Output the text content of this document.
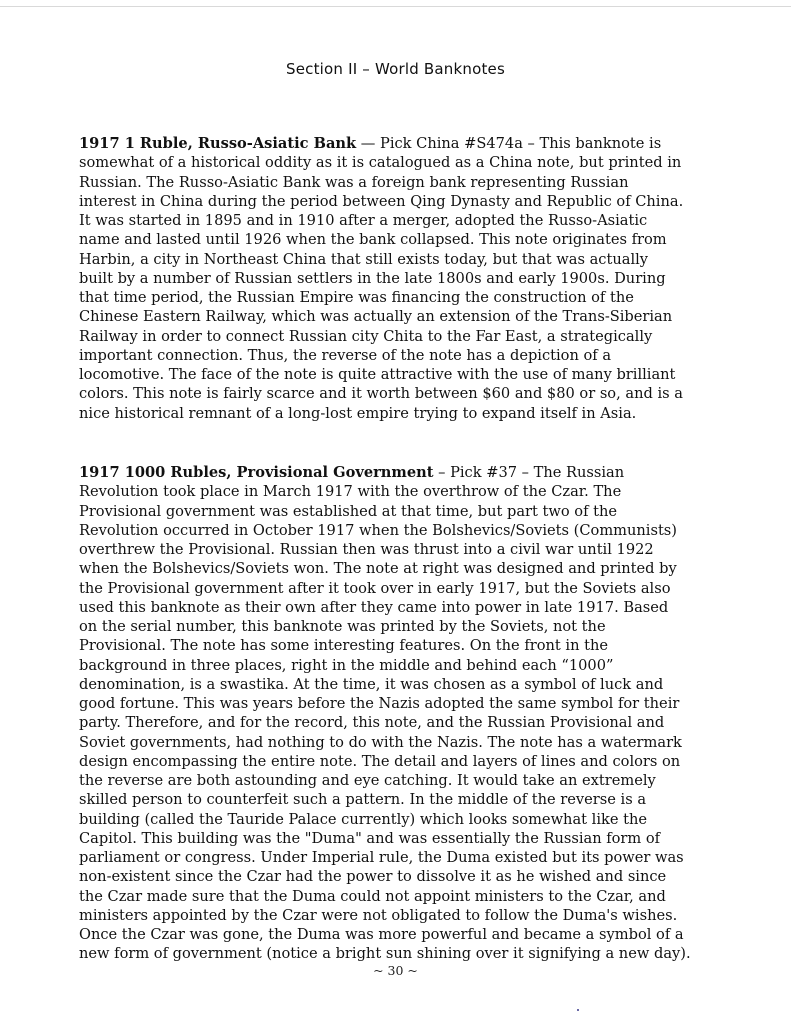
Section II – World Banknotes

1917 1 Ruble, Russo-Asiatic Bank — Pick China #S474a – This banknote is
somewhat of a historical oddity as it is catalogued as a China note, but printed in
Russian. The Russo-Asiatic Bank was a foreign bank representing Russian
interest in China during the period between Qing Dynasty and Republic of China.
It was started in 1895 and in 1910 after a merger, adopted the Russo-Asiatic
name and lasted until 1926 when the bank collapsed. This note originates from
Harbin, a city in Northeast China that still exists today, but that was actually
built by a number of Russian settlers in the late 1800s and early 1900s. During
that time period, the Russian Empire was financing the construction of the
Chinese Eastern Railway, which was actually an extension of the Trans-Siberian
Railway in order to connect Russian city Chita to the Far East, a strategically
important connection. Thus, the reverse of the note has a depiction of a
locomotive. The face of the note is quite attractive with the use of many brilliant
colors. This note is fairly scarce and it worth between $60 and $80 or so, and is a
nice historical remnant of a long-lost empire trying to expand itself in Asia.

1917 1000 Rubles, Provisional Government – Pick #37 – The Russian
Revolution took place in March 1917 with the overthrow of the Czar. The
Provisional government was established at that time, but part two of the
Revolution occurred in October 1917 when the Bolshevics/Soviets (Communists)
overthrew the Provisional. Russian then was thrust into a civil war until 1922
when the Bolshevics/Soviets won. The note at right was designed and printed by
the Provisional government after it took over in early 1917, but the Soviets also
used this banknote as their own after they came into power in late 1917. Based
on the serial number, this banknote was printed by the Soviets, not the
Provisional. The note has some interesting features. On the front in the
background in three places, right in the middle and behind each “1000”
denomination, is a swastika. At the time, it was chosen as a symbol of luck and
good fortune. This was years before the Nazis adopted the same symbol for their
party. Therefore, and for the record, this note, and the Russian Provisional and
Soviet governments, had nothing to do with the Nazis. The note has a watermark
design encompassing the entire note. The detail and layers of lines and colors on
the reverse are both astounding and eye catching. It would take an extremely
skilled person to counterfeit such a pattern. In the middle of the reverse is a
building (called the Tauride Palace currently) which looks somewhat like the
Capitol. This building was the "Duma" and was essentially the Russian form of
parliament or congress. Under Imperial rule, the Duma existed but its power was
non-existent since the Czar had the power to dissolve it as he wished and since
the Czar made sure that the Duma could not appoint ministers to the Czar, and
ministers appointed by the Czar were not obligated to follow the Duma's wishes.
Once the Czar was gone, the Duma was more powerful and became a symbol of a
new form of government (notice a bright sun shining over it signifying a new day).

~ 30 ~
